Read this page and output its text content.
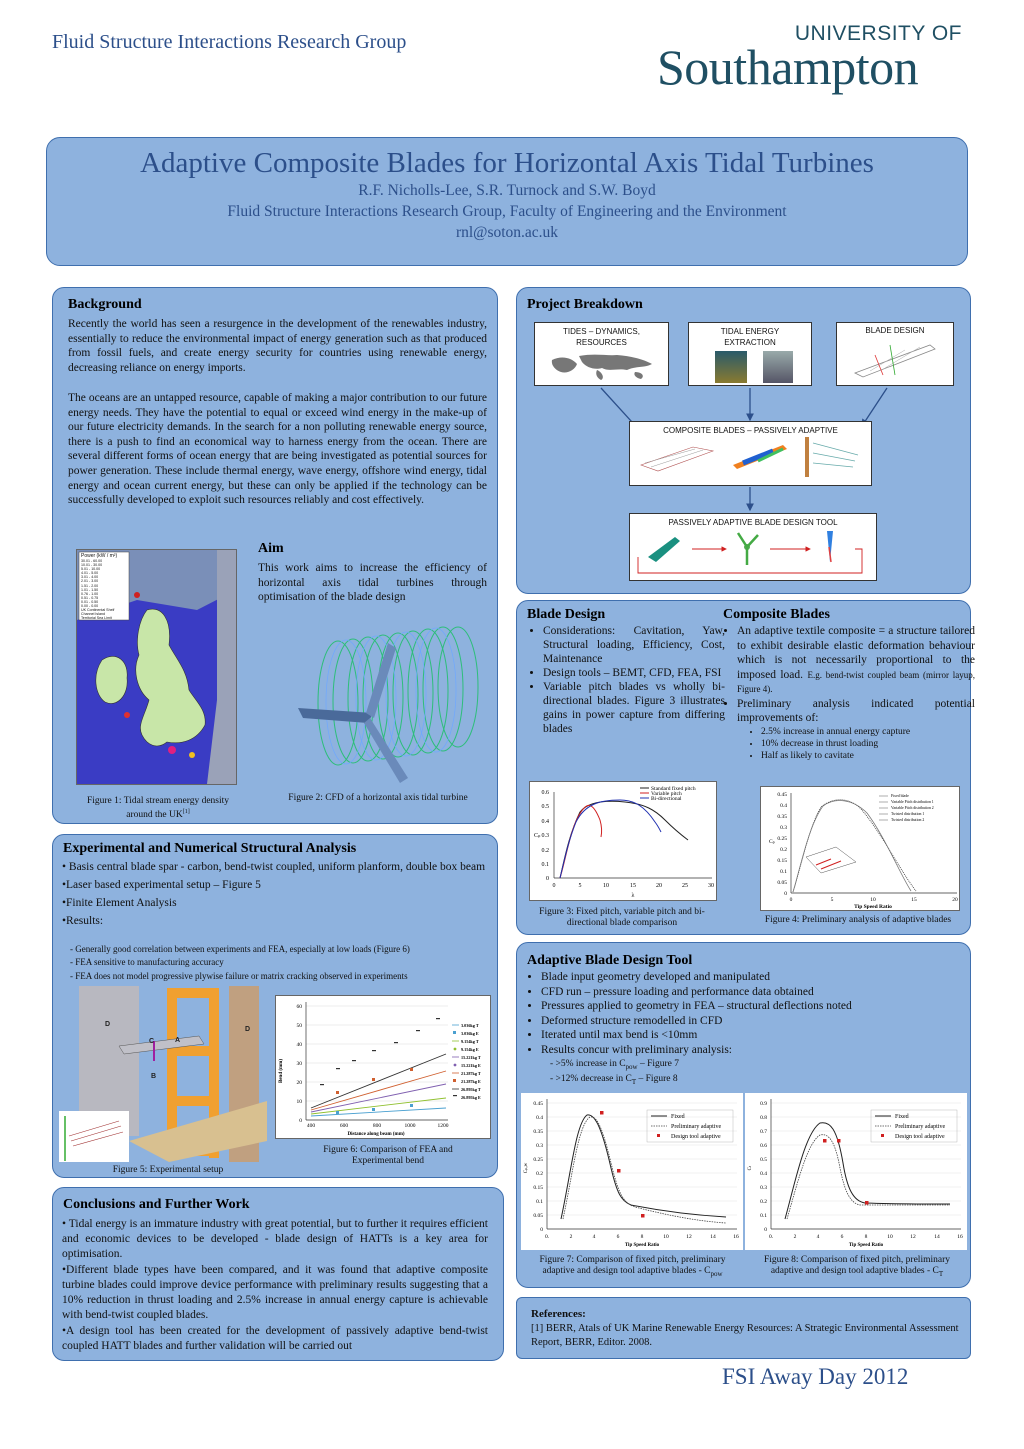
Fluid Structure Interactions Research Group	UNIVERSITY OF
Southampton
Adaptive Composite Blades for Horizontal Axis Tidal Turbines
R.F. Nicholls-Lee, S.R. Turnock and S.W. Boyd
Fluid Structure Interactions Research Group, Faculty of Engineering and the Environment
rnl@soton.ac.uk
Background
Recently the world has seen a resurgence in the development of the renewables industry, essentially to reduce the environmental impact of energy generation such as that produced from fossil fuels, and create energy security for countries using renewable energy, decreasing reliance on energy imports.
The oceans are an untapped resource, capable of making a major contribution to our future energy needs. They have the potential to equal or exceed wind energy in the make-up of our future electricity demands. In the search for a non polluting renewable energy source, there is a push to find an economical way to harness energy from the ocean. There are several different forms of ocean energy that are being investigated as potential sources for power generation. These include thermal energy, wave energy, offshore wind energy, tidal energy and ocean current energy, but these can only be applied if the technology can be successfully developed to exploit such resources reliably and cost effectively.
Power (kW / m²)
30.01 - 60.00
10.01 - 30.00
5.01 - 10.00
4.01 - 5.00
3.01 - 4.00
2.01 - 3.00
1.51 - 2.00
1.01 - 1.50
0.76 - 1.00
0.51 - 0.75
0.01 - 0.50
0.00 - 0.00
UK Continental Shelf
Channel Island
Territorial Sea Limit
Aim
This work aims to increase the efficiency of horizontal axis tidal turbines through optimisation of the blade design
Figure 1: Tidal stream energy density around the UK[1]
Figure 2: CFD of a horizontal axis tidal turbine
Project Breakdown
TIDES – DYNAMICS, RESOURCES
TIDAL ENERGY EXTRACTION
BLADE DESIGN
COMPOSITE BLADES – PASSIVELY ADAPTIVE
PASSIVELY ADAPTIVE BLADE DESIGN TOOL
Blade Design
• Considerations: Cavitation, Yaw, Structural loading, Efficiency, Cost, Maintenance
• Design tools – BEMT, CFD, FEA, FSI
• Variable pitch blades vs wholly bi-directional blades. Figure 3 illustrates gains in power capture from differing blades
Composite Blades
• An adaptive textile composite = a structure tailored to exhibit desirable elastic deformation behaviour which is not necessarily proportional to the imposed load. E.g. bend-twist coupled beam (mirror layup, Figure 4).
• Preliminary analysis indicated potential improvements of:
• 2.5% increase in annual energy capture
• 10% decrease in thrust loading
• Half as likely to cavitate
0
0.1
0.2
0.3
0.4
0.5
0.6
0	5	10	15	20	25	30
λ
Cₚ
Standard fixed pitch
Variable pitch
Bi-directional
Figure 3: Fixed pitch, variable pitch and bi-directional blade comparison
0
0.05
0.1
0.15
0.2
0.25
0.3
0.35
0.4
0.45
0	5	10	15	20
Tip Speed Ratio
Cₚ
Fixed blade
Variable Pitch distribution 1
Variable Pitch distribution 2
Twisted distribution 1
Twisted distribution 2
Figure 4: Preliminary analysis of adaptive blades
Experimental and Numerical Structural Analysis
• Basis central blade spar - carbon, bend-twist coupled, uniform planform, double box beam
•Laser based experimental setup – Figure 5
•Finite Element Analysis
•Results:
- Generally good correlation between experiments and FEA, especially at low loads (Figure 6)
- FEA sensitive to manufacturing accuracy
- FEA does not model progressive plywise failure or matrix cracking observed in experiments
D
D
A
B
C
0
10
20
30
40
50
60
400	600	800	1000	1200
Distance along beam (mm)
Bend (mm)
3.036kg T
3.036kg E
9.154kg T
9.154kg E
15.221kg T
15.221kg E
21.287kg T
21.287kg E
26.895kg T
26.895kg E
Figure 6: Comparison of FEA and Experimental bend
Figure 5: Experimental setup
Adaptive Blade Design Tool
• Blade input geometry developed and manipulated
• CFD run – pressure loading and performance data obtained
• Pressures applied to geometry in FEA – structural deflections noted
• Deformed structure remodelled in CFD
• Iterated until max bend is <10mm
• Results concur with preliminary analysis:
- >5% increase in $C_{pow}$ – Figure 7
- >12% decrease in $C_T$ – Figure 8
0
0.05
0.1
0.15
0.2
0.25
0.3
0.35
0.4
0.45
0.	2	4	6	8	10	12	14	16
Tip Speed Ratio
Cₚₒw
Fixed
Preliminary adaptive
Design tool adaptive
Figure 7: Comparison of fixed pitch, preliminary adaptive and design tool adaptive blades - $C_{pow}$
0
0.1
0.2
0.3
0.4
0.5
0.6
0.7
0.8
0.9
0.	2	4	6	8	10	12	14	16
Tip Speed Ratio
Cₜ
Fixed
Preliminary adaptive
Design tool adaptive
Figure 8: Comparison of fixed pitch, preliminary adaptive and design tool adaptive blades - $C_T$
Conclusions and Further Work
• Tidal energy is an immature industry with great potential, but to further it requires efficient and economic devices to be developed - blade design of HATTs is a key area for optimisation.
•Different blade types have been compared, and it was found that adaptive composite turbine blades could improve device performance with preliminary results suggesting that a 10% reduction in thrust loading and 2.5% increase in annual energy capture is achievable with bend-twist coupled blades.
•A design tool has been created for the development of passively adaptive bend-twist coupled HATT blades and further validation will be carried out
References:
[1] BERR, Atals of UK Marine Renewable Energy Resources: A Strategic Environmental Assessment Report, BERR, Editor. 2008.
FSI Away Day 2012
